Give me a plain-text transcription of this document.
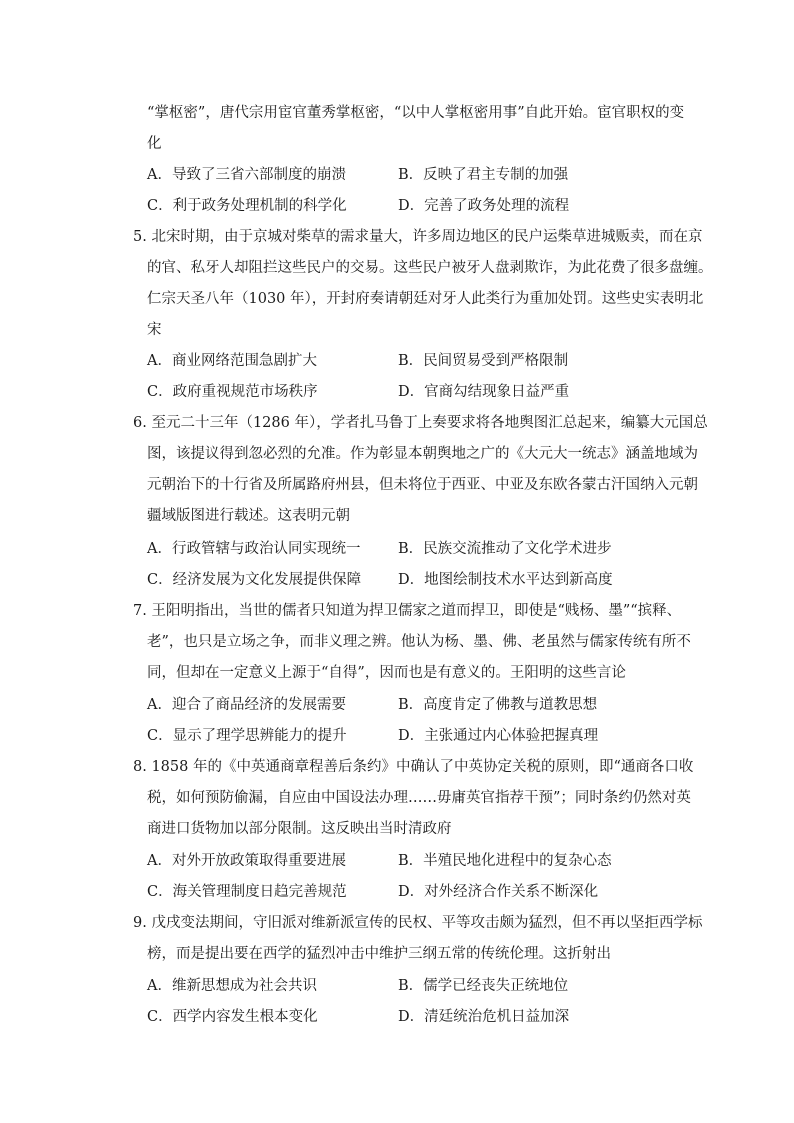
“掌枢密”，唐代宗用宦官董秀掌枢密，“以中人掌枢密用事”自此开始。宦官职权的变
化
A．导致了三省六部制度的崩溃	B．反映了君主专制的加强
C．利于政务处理机制的科学化	D．完善了政务处理的流程
5. 北宋时期，由于京城对柴草的需求量大，许多周边地区的民户运柴草进城贩卖，而在京
的官、私牙人却阻拦这些民户的交易。这些民户被牙人盘剥欺诈，为此花费了很多盘缠。
仁宗天圣八年（1030 年），开封府奏请朝廷对牙人此类行为重加处罚。这些史实表明北
宋
A．商业网络范围急剧扩大	B．民间贸易受到严格限制
C．政府重视规范市场秩序	D．官商勾结现象日益严重
6. 至元二十三年（1286 年），学者扎马鲁丁上奏要求将各地舆图汇总起来，编纂大元国总
图，该提议得到忽必烈的允准。作为彰显本朝舆地之广的《大元大一统志》涵盖地域为
元朝治下的十行省及所属路府州县，但未将位于西亚、中亚及东欧各蒙古汗国纳入元朝
疆域版图进行载述。这表明元朝
A．行政管辖与政治认同实现统一	B．民族交流推动了文化学术进步
C．经济发展为文化发展提供保障	D．地图绘制技术水平达到新高度
7. 王阳明指出，当世的儒者只知道为捍卫儒家之道而捍卫，即使是“贱杨、墨”“摈释、
老”，也只是立场之争，而非义理之辨。他认为杨、墨、佛、老虽然与儒家传统有所不
同，但却在一定意义上源于“自得”，因而也是有意义的。王阳明的这些言论
A．迎合了商品经济的发展需要	B．高度肯定了佛教与道教思想
C．显示了理学思辨能力的提升	D．主张通过内心体验把握真理
8. 1858 年的《中英通商章程善后条约》中确认了中英协定关税的原则，即“通商各口收
税，如何预防偷漏，自应由中国设法办理……毋庸英官指荐干预”；同时条约仍然对英
商进口货物加以部分限制。这反映出当时清政府
A．对外开放政策取得重要进展	B．半殖民地化进程中的复杂心态
C．海关管理制度日趋完善规范	D．对外经济合作关系不断深化
9. 戊戌变法期间，守旧派对维新派宣传的民权、平等攻击颇为猛烈，但不再以坚拒西学标
榜，而是提出要在西学的猛烈冲击中维护三纲五常的传统伦理。这折射出
A．维新思想成为社会共识	B．儒学已经丧失正统地位
C．西学内容发生根本变化	D．清廷统治危机日益加深
